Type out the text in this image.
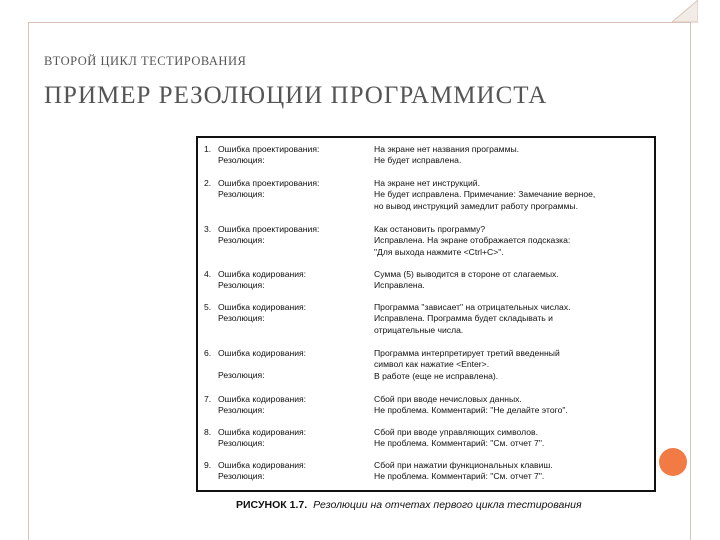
ВТОРОЙ ЦИКЛ ТЕСТИРОВАНИЯ
ПРИМЕР РЕЗОЛЮЦИИ ПРОГРАММИСТА
1. Ошибка проектирования:
Резолюция:
На экране нет названия программы.
Не будет исправлена.
2. Ошибка проектирования:
Резолюция:
На экране нет инструкций.
Не будет исправлена. Примечание: Замечание верное,
но вывод инструкций замедлит работу программы.
3. Ошибка проектирования:
Резолюция:
Как остановить программу?
Исправлена. На экране отображается подсказка:
"Для выхода нажмите <Ctrl+C>".
4. Ошибка кодирования:
Резолюция:
Сумма (5) выводится в стороне от слагаемых.
Исправлена.
5. Ошибка кодирования:
Резолюция:
Программа "зависает" на отрицательных числах.
Исправлена. Программа будет складывать и
отрицательные числа.
6. Ошибка кодирования:
Резолюция:
Программа интерпретирует третий введенный
символ как нажатие <Enter>.
В работе (еще не исправлена).
7. Ошибка кодирования:
Резолюция:
Сбой при вводе нечисловых данных.
Не проблема. Комментарий: "Не делайте этого".
8. Ошибка кодирования:
Резолюция:
Сбой при вводе управляющих символов.
Не проблема. Комментарий: "См. отчет 7".
9. Ошибка кодирования:
Резолюция:
Сбой при нажатии функциональных клавиш.
Не проблема. Комментарий: "См. отчет 7".
РИСУНОК 1.7. Резолюции на отчетах первого цикла тестирования
